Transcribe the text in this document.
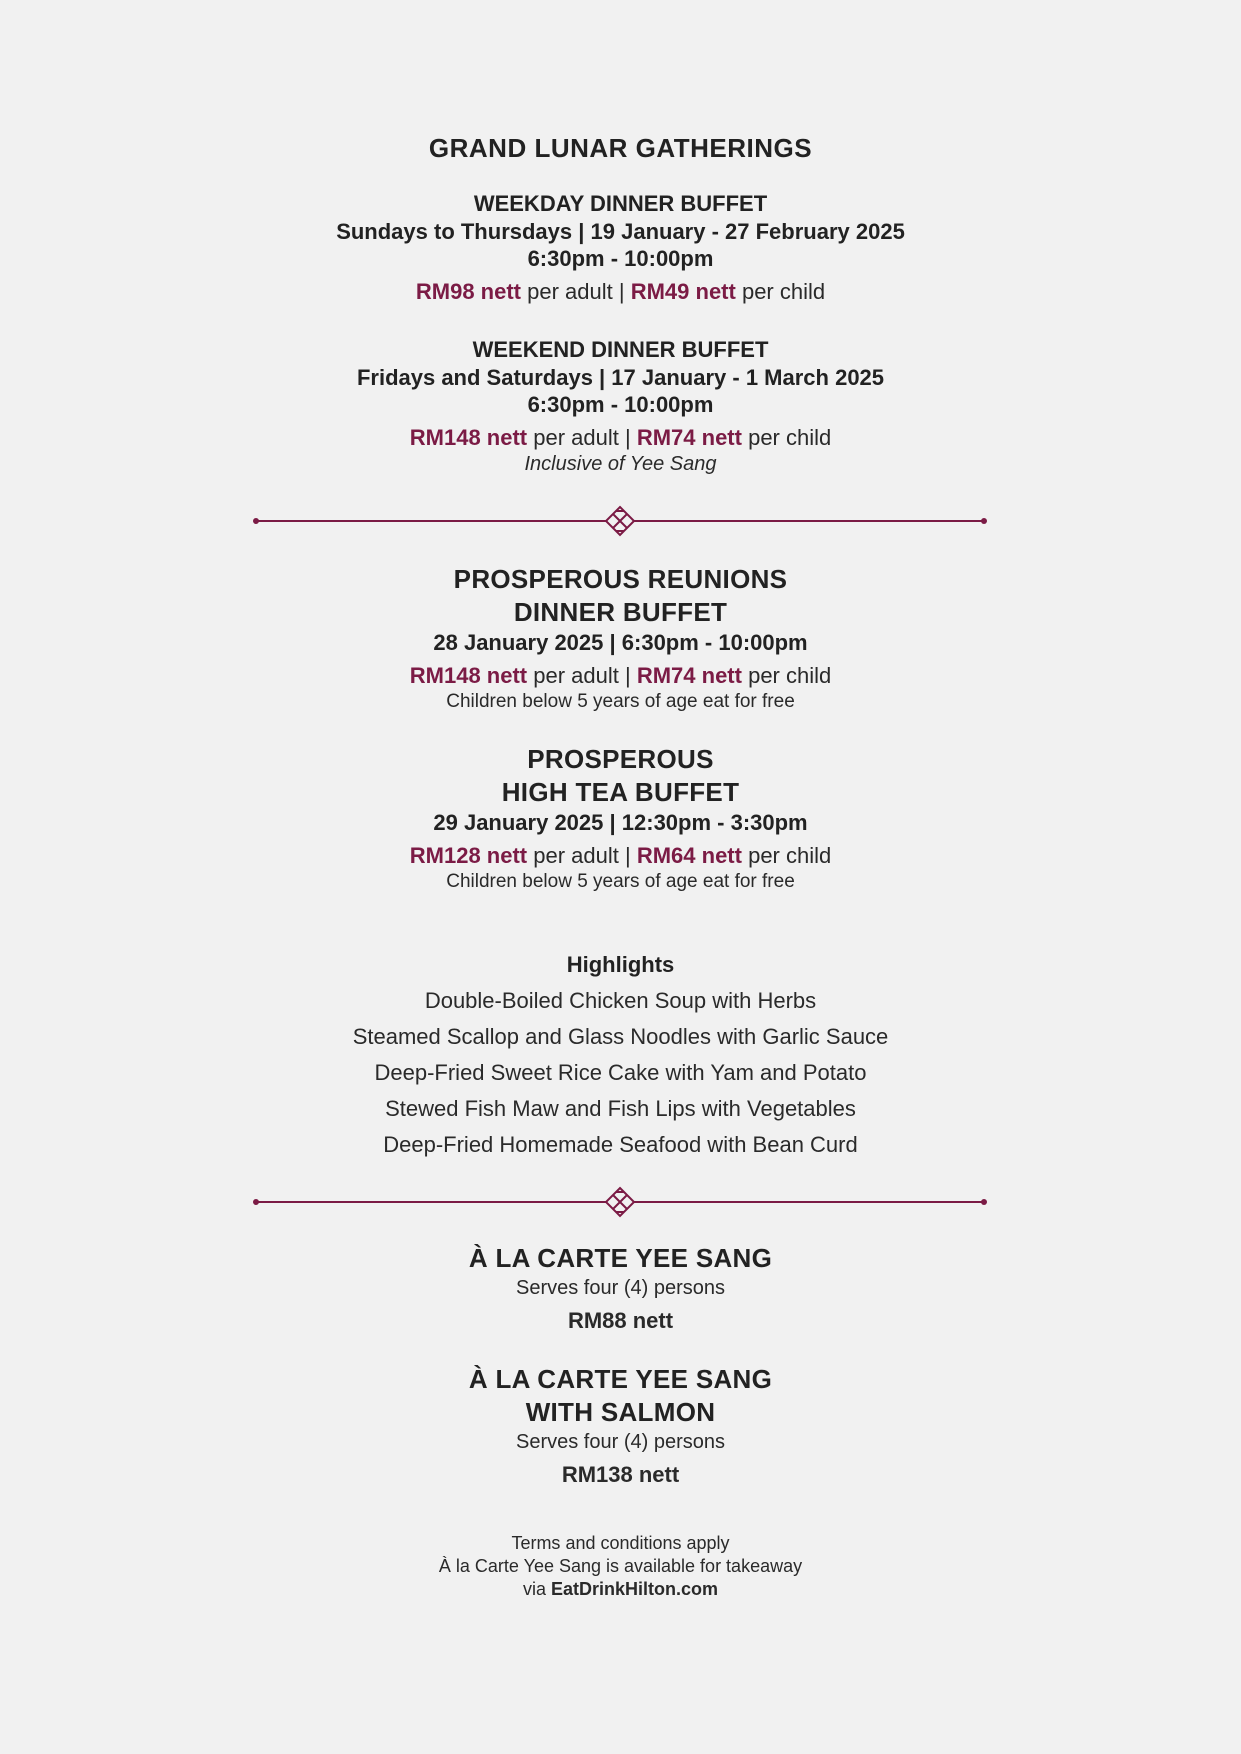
GRAND LUNAR GATHERINGS
WEEKDAY DINNER BUFFET
Sundays to Thursdays | 19 January - 27 February 2025
6:30pm - 10:00pm
RM98 nett per adult | RM49 nett per child
WEEKEND DINNER BUFFET
Fridays and Saturdays | 17 January - 1 March 2025
6:30pm - 10:00pm
RM148 nett per adult | RM74 nett per child
Inclusive of Yee Sang
PROSPEROUS REUNIONS
DINNER BUFFET
28 January 2025 | 6:30pm - 10:00pm
RM148 nett per adult | RM74 nett per child
Children below 5 years of age eat for free
PROSPEROUS
HIGH TEA BUFFET
29 January 2025 | 12:30pm - 3:30pm
RM128 nett per adult | RM64 nett per child
Children below 5 years of age eat for free
Highlights
Double-Boiled Chicken Soup with Herbs
Steamed Scallop and Glass Noodles with Garlic Sauce
Deep-Fried Sweet Rice Cake with Yam and Potato
Stewed Fish Maw and Fish Lips with Vegetables
Deep-Fried Homemade Seafood with Bean Curd
À LA CARTE YEE SANG
Serves four (4) persons
RM88 nett
À LA CARTE YEE SANG
WITH SALMON
Serves four (4) persons
RM138 nett
Terms and conditions apply
À la Carte Yee Sang is available for takeaway
via EatDrinkHilton.com
